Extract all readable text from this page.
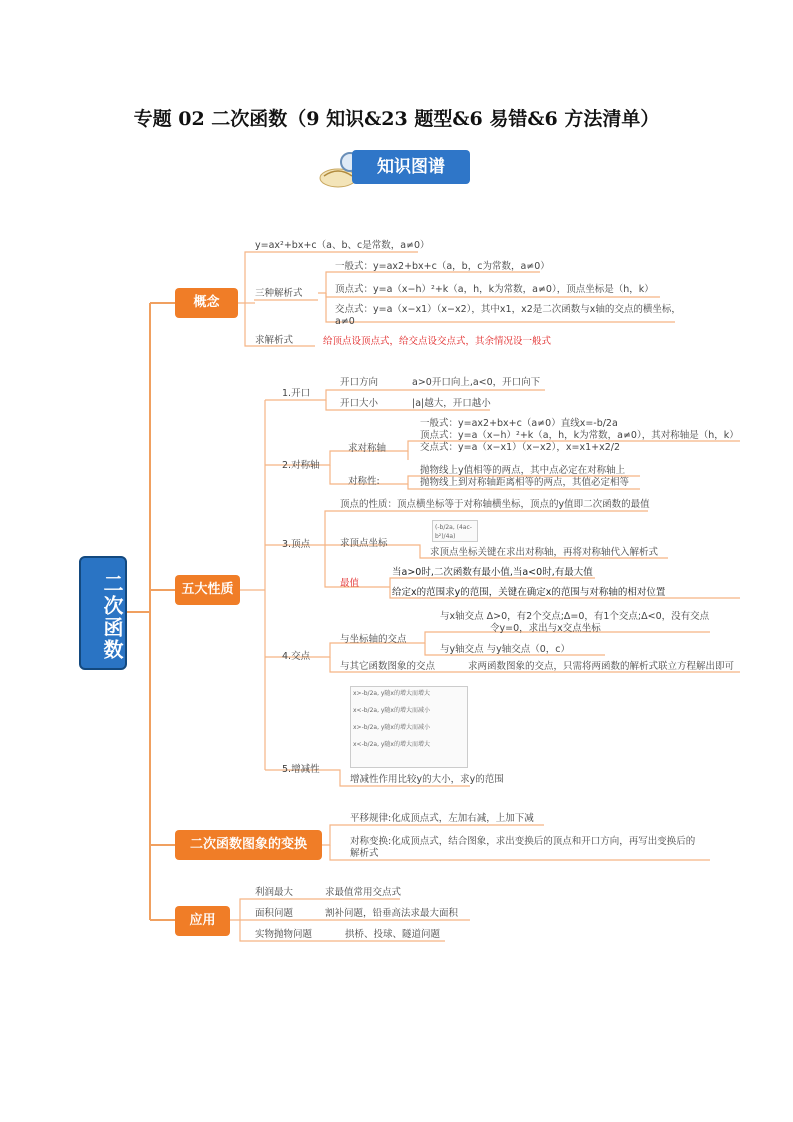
专题 02 二次函数（9 知识&23 题型&6 易错&6 方法清单）
知识图谱
二次函数
概念
y=ax²+bx+c（a、b、c是常数，a≠0）
三种解析式
一般式：y=ax2+bx+c（a，b，c为常数，a≠0）
顶点式：y=a（x−h）²+k（a，h，k为常数，a≠0），顶点坐标是（h，k）
交点式：y=a（x−x1）（x−x2），其中x1，x2是二次函数与x轴的交点的横坐标，
a≠0
求解析式	给顶点设顶点式，给交点设交点式，其余情况设一般式
五大性质
1.开口
开口方向	a>0开口向上,a<0，开口向下
开口大小	|a|越大，开口越小
2.对称轴
求对称轴
一般式：y=ax2+bx+c（a≠0）直线x=-b/2a
顶点式：y=a（x−h）²+k（a，h，k为常数，a≠0），其对称轴是（h，k）
交点式：y=a（x−x1）（x−x2），x=x1+x2/2
对称性:
抛物线上y值相等的两点，其中点必定在对称轴上
抛物线上到对称轴距离相等的两点，其值必定相等
3.顶点
顶点的性质：顶点横坐标等于对称轴横坐标，顶点的y值即二次函数的最值
求顶点坐标
(-b/2a, (4ac-b²)/4a)
求顶点坐标关键在求出对称轴，再将对称轴代入解析式
最值
当a>0时,二次函数有最小值,当a<0时,有最大值
给定x的范围求y的范围，关键在确定x的范围与对称轴的相对位置
4.交点
与坐标轴的交点
与x轴交点 Δ>0，有2个交点;Δ=0，有1个交点;Δ<0，没有交点
令y=0，求出与x交点坐标
与y轴交点 与y轴交点（0，c）
与其它函数图象的交点	求两函数图象的交点，只需将两函数的解析式联立方程解出即可
5.增减性
x>-b/2a, y随x的增大而增大
x<-b/2a, y随x的增大而减小
x>-b/2a, y随x的增大而减小
x<-b/2a, y随x的增大而增大
增减性作用比较y的大小，求y的范围
二次函数图象的变换
平移规律:化成顶点式，左加右减，上加下减
对称变换:化成顶点式，结合图象，求出变换后的顶点和开口方向，再写出变换后的
解析式
应用
利润最大	求最值常用交点式
面积问题	割补问题，铅垂高法求最大面积
实物抛物问题	拱桥、投球、隧道问题
